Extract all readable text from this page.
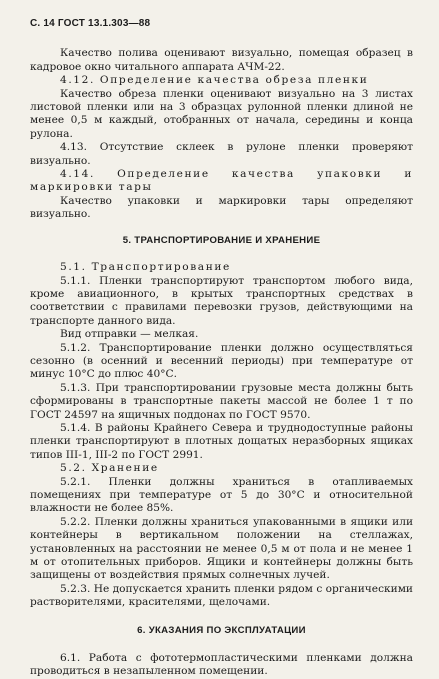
С. 14 ГОСТ 13.1.303—88

Качество полива оценивают визуально, помещая образец в кадровое окно читального аппарата АЧМ-22.

4.12. Определение качества обреза пленки

Качество обреза пленки оценивают визуально на 3 листах листовой пленки или на 3 образцах рулонной пленки длиной не менее 0,5 м каждый, отобранных от начала, середины и конца рулона.

4.13. Отсутствие склеек в рулоне пленки проверяют визуально.

4.14. Определение качества упаковки и маркировки тары

Качество упаковки и маркировки тары определяют визуально.

5. ТРАНСПОРТИРОВАНИЕ И ХРАНЕНИЕ

5.1. Транспортирование

5.1.1. Пленки транспортируют транспортом любого вида, кроме авиационного, в крытых транспортных средствах в соответствии с правилами перевозки грузов, действующими на транспорте данного вида.

Вид отправки — мелкая.

5.1.2. Транспортирование пленки должно осуществляться сезонно (в осенний и весенний периоды) при температуре от минус 10°С до плюс 40°С.

5.1.3. При транспортировании грузовые места должны быть сформированы в транспортные пакеты массой не более 1 т по ГОСТ 24597 на ящичных поддонах по ГОСТ 9570.

5.1.4. В районы Крайнего Севера и труднодоступные районы пленки транспортируют в плотных дощатых неразборных ящиках типов III-1, III-2 по ГОСТ 2991.

5.2. Хранение

5.2.1. Пленки должны храниться в отапливаемых помещениях при температуре от 5 до 30°С и относительной влажности не более 85%.

5.2.2. Пленки должны храниться упакованными в ящики или контейнеры в вертикальном положении на стеллажах, установленных на расстоянии не менее 0,5 м от пола и не менее 1 м от отопительных приборов. Ящики и контейнеры должны быть защищены от воздействия прямых солнечных лучей.

5.2.3. Не допускается хранить пленки рядом с органическими растворителями, красителями, щелочами.

6. УКАЗАНИЯ ПО ЭКСПЛУАТАЦИИ

6.1. Работа с фототермопластическими пленками должна проводиться в незапыленном помещении.
